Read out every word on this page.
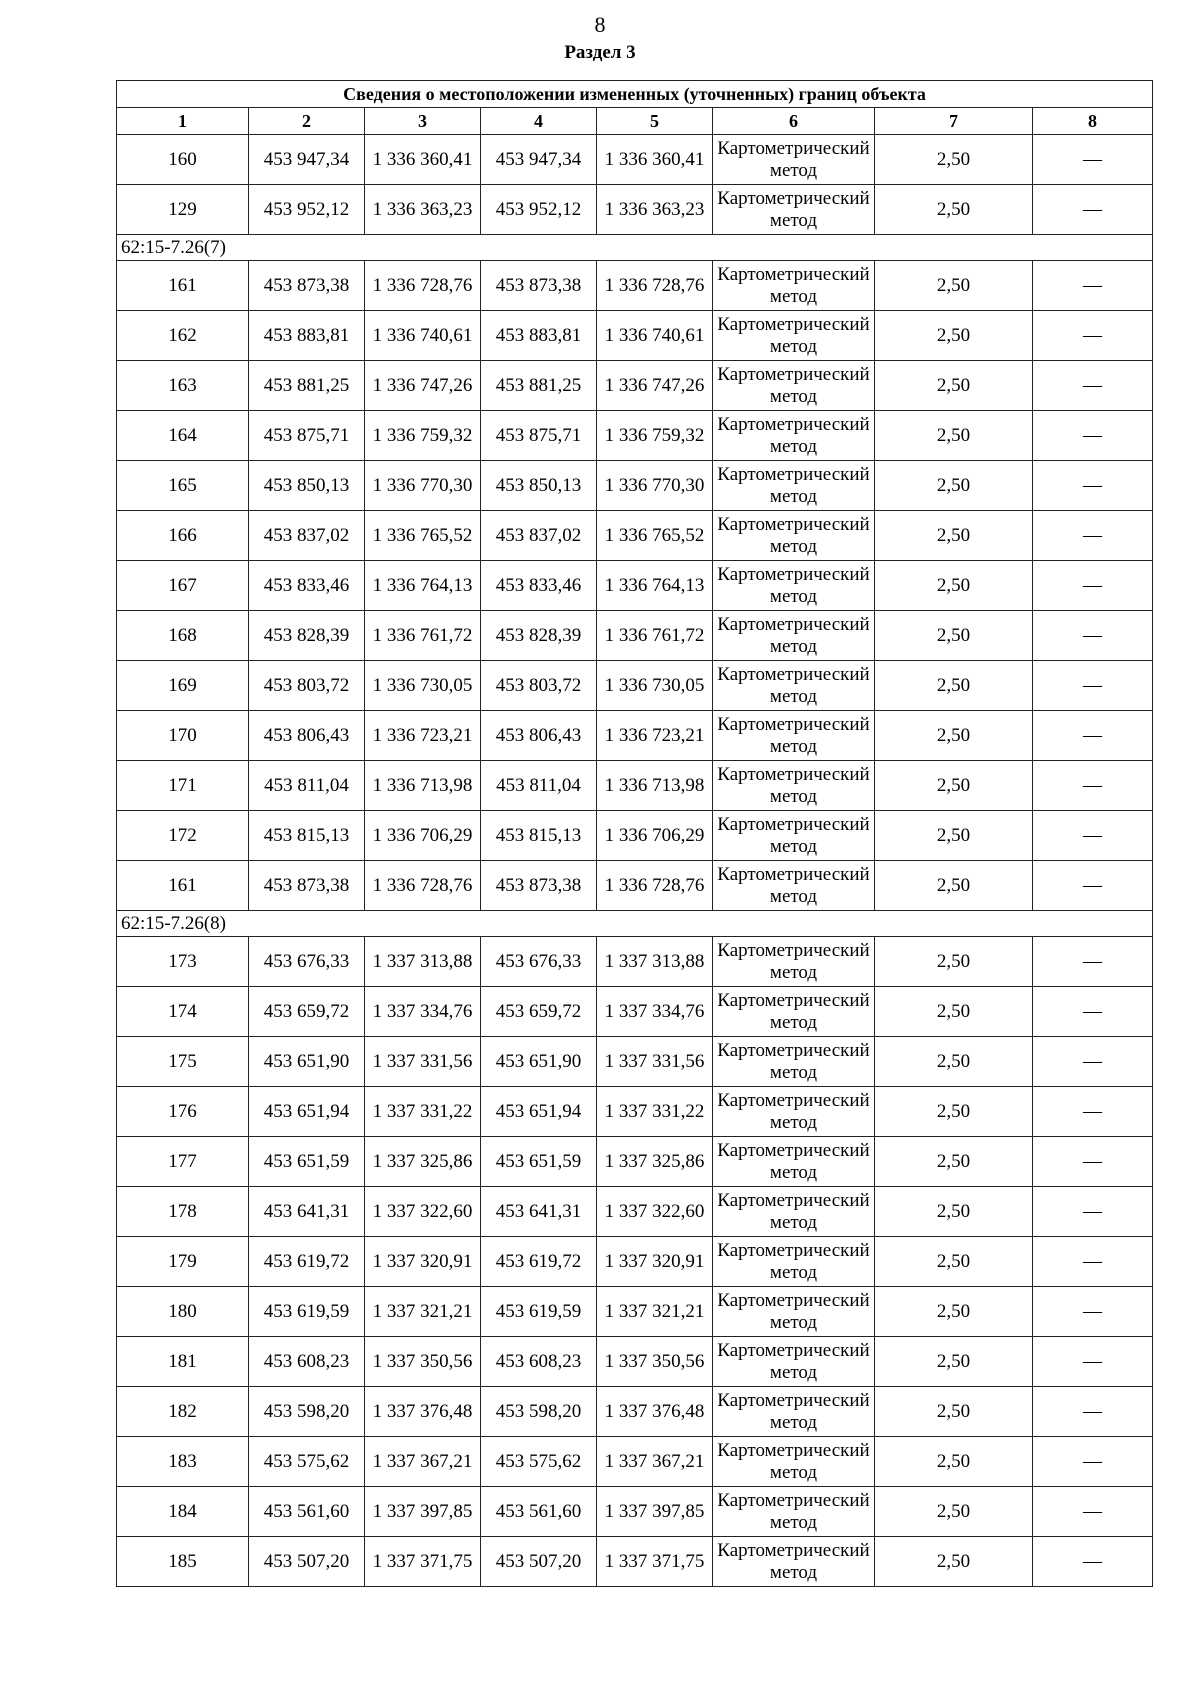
8
Раздел 3
Сведения о местоположении измененных (уточненных) границ объекта							
1	2	3	4	5	6	7	8
160	453 947,34	1 336 360,41	453 947,34	1 336 360,41	Картометрический метод	2,50	—
129	453 952,12	1 336 363,23	453 952,12	1 336 363,23	Картометрический метод	2,50	—
62:15-7.26(7)							
161	453 873,38	1 336 728,76	453 873,38	1 336 728,76	Картометрический метод	2,50	—
162	453 883,81	1 336 740,61	453 883,81	1 336 740,61	Картометрический метод	2,50	—
163	453 881,25	1 336 747,26	453 881,25	1 336 747,26	Картометрический метод	2,50	—
164	453 875,71	1 336 759,32	453 875,71	1 336 759,32	Картометрический метод	2,50	—
165	453 850,13	1 336 770,30	453 850,13	1 336 770,30	Картометрический метод	2,50	—
166	453 837,02	1 336 765,52	453 837,02	1 336 765,52	Картометрический метод	2,50	—
167	453 833,46	1 336 764,13	453 833,46	1 336 764,13	Картометрический метод	2,50	—
168	453 828,39	1 336 761,72	453 828,39	1 336 761,72	Картометрический метод	2,50	—
169	453 803,72	1 336 730,05	453 803,72	1 336 730,05	Картометрический метод	2,50	—
170	453 806,43	1 336 723,21	453 806,43	1 336 723,21	Картометрический метод	2,50	—
171	453 811,04	1 336 713,98	453 811,04	1 336 713,98	Картометрический метод	2,50	—
172	453 815,13	1 336 706,29	453 815,13	1 336 706,29	Картометрический метод	2,50	—
161	453 873,38	1 336 728,76	453 873,38	1 336 728,76	Картометрический метод	2,50	—
62:15-7.26(8)							
173	453 676,33	1 337 313,88	453 676,33	1 337 313,88	Картометрический метод	2,50	—
174	453 659,72	1 337 334,76	453 659,72	1 337 334,76	Картометрический метод	2,50	—
175	453 651,90	1 337 331,56	453 651,90	1 337 331,56	Картометрический метод	2,50	—
176	453 651,94	1 337 331,22	453 651,94	1 337 331,22	Картометрический метод	2,50	—
177	453 651,59	1 337 325,86	453 651,59	1 337 325,86	Картометрический метод	2,50	—
178	453 641,31	1 337 322,60	453 641,31	1 337 322,60	Картометрический метод	2,50	—
179	453 619,72	1 337 320,91	453 619,72	1 337 320,91	Картометрический метод	2,50	—
180	453 619,59	1 337 321,21	453 619,59	1 337 321,21	Картометрический метод	2,50	—
181	453 608,23	1 337 350,56	453 608,23	1 337 350,56	Картометрический метод	2,50	—
182	453 598,20	1 337 376,48	453 598,20	1 337 376,48	Картометрический метод	2,50	—
183	453 575,62	1 337 367,21	453 575,62	1 337 367,21	Картометрический метод	2,50	—
184	453 561,60	1 337 397,85	453 561,60	1 337 397,85	Картометрический метод	2,50	—
185	453 507,20	1 337 371,75	453 507,20	1 337 371,75	Картометрический метод	2,50	—
